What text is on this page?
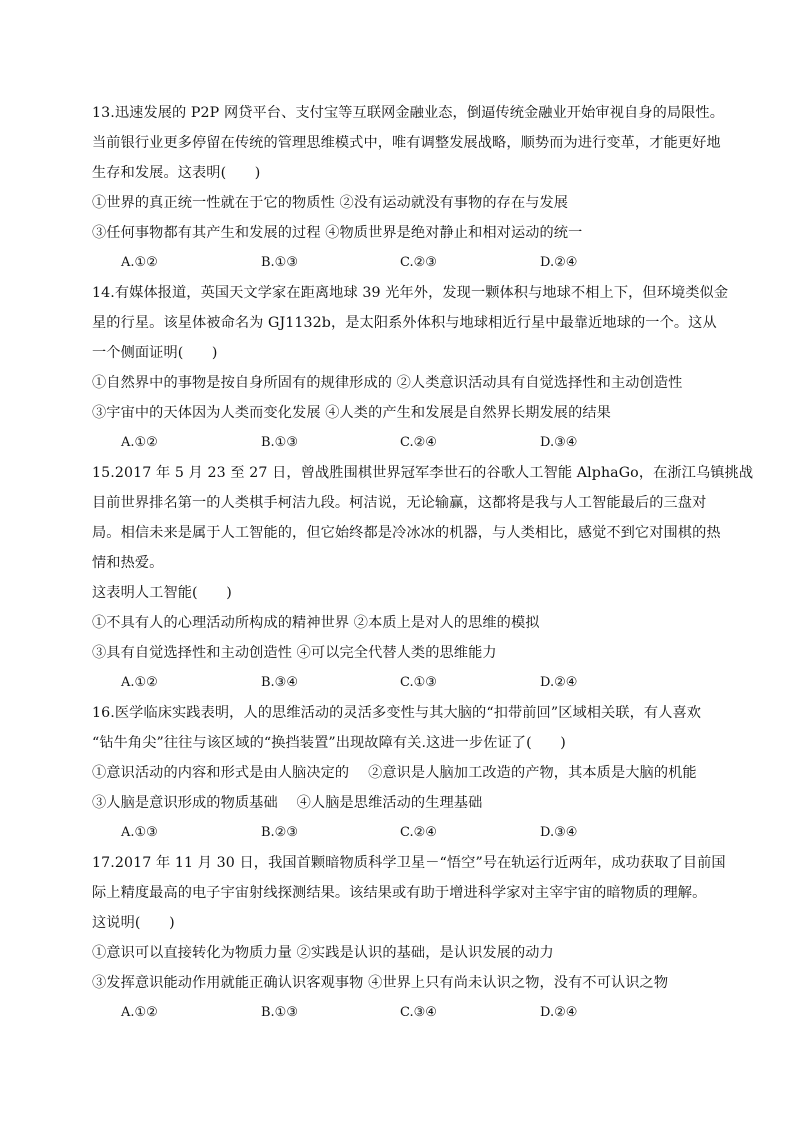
13.迅速发展的 P2P 网贷平台、支付宝等互联网金融业态，倒逼传统金融业开始审视自身的局限性。
当前银行业更多停留在传统的管理思维模式中，唯有调整发展战略，顺势而为进行变革，才能更好地
生存和发展。这表明(　　)
①世界的真正统一性就在于它的物质性 ②没有运动就没有事物的存在与发展
③任何事物都有其产生和发展的过程 ④物质世界是绝对静止和相对运动的统一
A.①②	B.①③	C.②③	D.②④
14.有媒体报道，英国天文学家在距离地球 39 光年外，发现一颗体积与地球不相上下，但环境类似金
星的行星。该星体被命名为 GJ1132b，是太阳系外体积与地球相近行星中最靠近地球的一个。这从
一个侧面证明(　　)
①自然界中的事物是按自身所固有的规律形成的 ②人类意识活动具有自觉选择性和主动创造性
③宇宙中的天体因为人类而变化发展 ④人类的产生和发展是自然界长期发展的结果
A.①②	B.①③	C.②④	D.③④
15.2017 年 5 月 23 至 27 日，曾战胜围棋世界冠军李世石的谷歌人工智能 AlphaGo，在浙江乌镇挑战
目前世界排名第一的人类棋手柯洁九段。柯洁说，无论输赢，这都将是我与人工智能最后的三盘对
局。相信未来是属于人工智能的，但它始终都是冷冰冰的机器，与人类相比，感觉不到它对围棋的热
情和热爱。
这表明人工智能(　　)
①不具有人的心理活动所构成的精神世界 ②本质上是对人的思维的模拟
③具有自觉选择性和主动创造性 ④可以完全代替人类的思维能力
A.①②	B.③④	C.①③	D.②④
16.医学临床实践表明，人的思维活动的灵活多变性与其大脑的“扣带前回”区域相关联，有人喜欢
“钻牛角尖”往往与该区域的“换挡装置”出现故障有关.这进一步佐证了(　　)
①意识活动的内容和形式是由人脑决定的 　②意识是人脑加工改造的产物，其本质是大脑的机能
③人脑是意识形成的物质基础 　④人脑是思维活动的生理基础
A.①③	B.②③	C.②④	D.③④
17.2017 年 11 月 30 日，我国首颗暗物质科学卫星－“悟空”号在轨运行近两年，成功获取了目前国
际上精度最高的电子宇宙射线探测结果。该结果或有助于增进科学家对主宰宇宙的暗物质的理解。
这说明(　　)
①意识可以直接转化为物质力量 ②实践是认识的基础，是认识发展的动力
③发挥意识能动作用就能正确认识客观事物 ④世界上只有尚未认识之物，没有不可认识之物
A.①②	B.①③	C.③④	D.②④
